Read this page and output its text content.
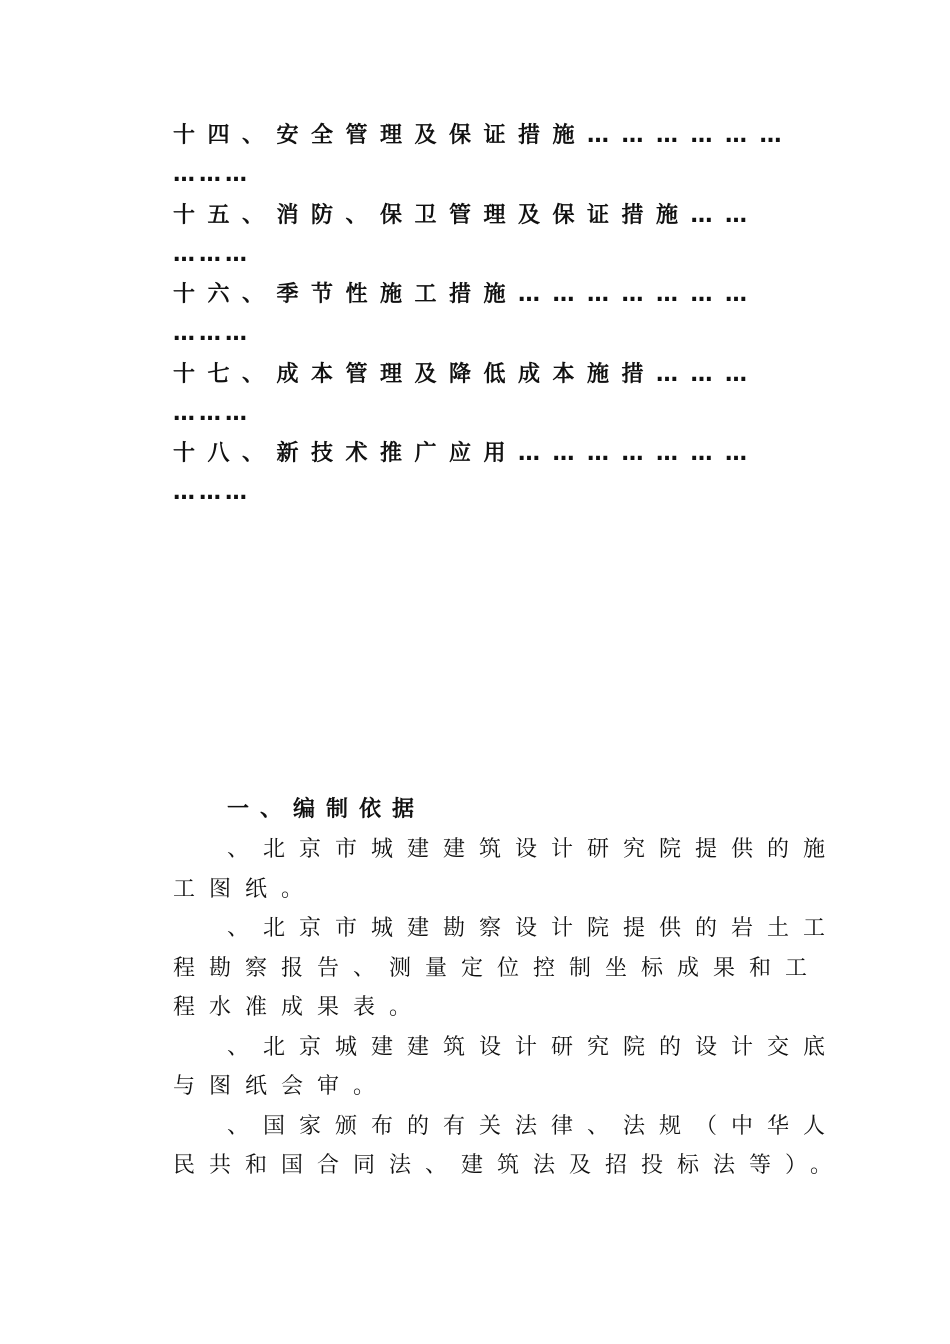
十四、安全管理及保证措施………………
………
十五、消防、保卫管理及保证措施……
………
十六、季节性施工措施…………………
………
十七、成本管理及降低成本施措………
………
十八、新技术推广应用…………………
………
一、编制依据
、北京市城建建筑设计研究院提供的施
工图纸。
、北京市城建勘察设计院提供的岩土工
程勘察报告、测量定位控制坐标成果和工
程水准成果表。
、北京城建建筑设计研究院的设计交底
与图纸会审。
、国家颁布的有关法律、法规（中华人
民共和国合同法、建筑法及招投标法等）。
